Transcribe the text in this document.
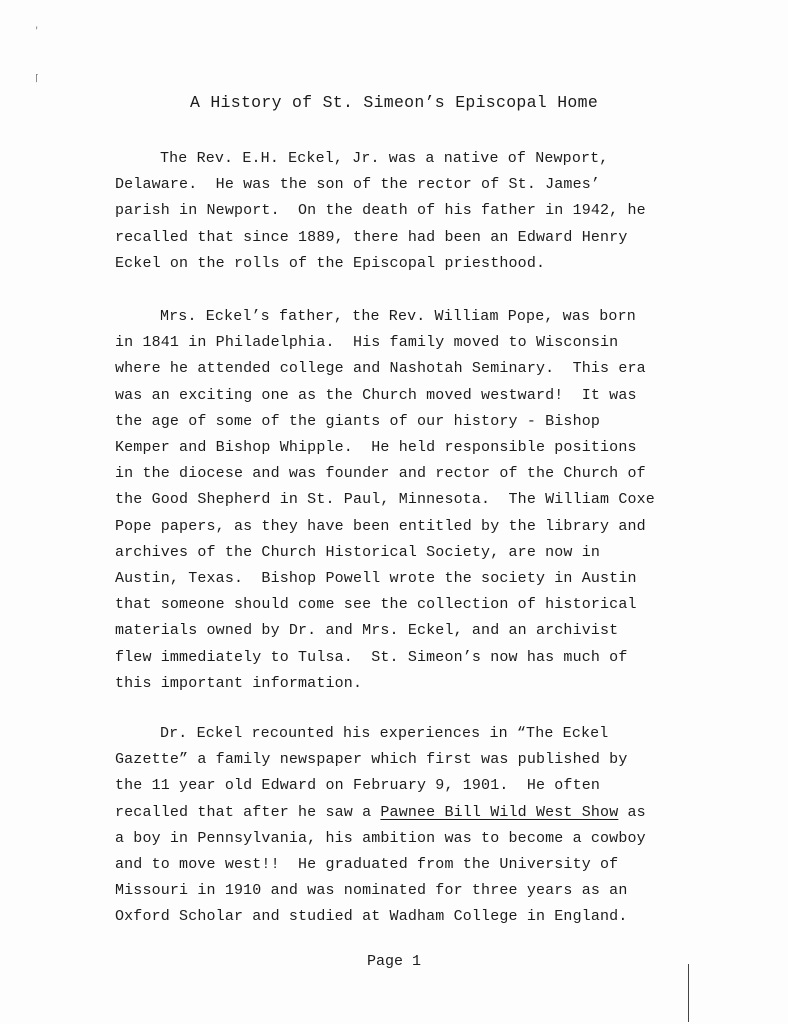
′
⌈
A History of St. Simeon’s Episcopal Home
The Rev. E.H. Eckel, Jr. was a native of Newport,
Delaware.  He was the son of the rector of St. James’
parish in Newport.  On the death of his father in 1942, he
recalled that since 1889, there had been an Edward Henry
Eckel on the rolls of the Episcopal priesthood.
Mrs. Eckel’s father, the Rev. William Pope, was born
in 1841 in Philadelphia.  His family moved to Wisconsin
where he attended college and Nashotah Seminary.  This era
was an exciting one as the Church moved westward!  It was
the age of some of the giants of our history - Bishop
Kemper and Bishop Whipple.  He held responsible positions
in the diocese and was founder and rector of the Church of
the Good Shepherd in St. Paul, Minnesota.  The William Coxe
Pope papers, as they have been entitled by the library and
archives of the Church Historical Society, are now in
Austin, Texas.  Bishop Powell wrote the society in Austin
that someone should come see the collection of historical
materials owned by Dr. and Mrs. Eckel, and an archivist
flew immediately to Tulsa.  St. Simeon’s now has much of
this important information.
Dr. Eckel recounted his experiences in “The Eckel
Gazette” a family newspaper which first was published by
the 11 year old Edward on February 9, 1901.  He often
recalled that after he saw a Pawnee Bill Wild West Show as
a boy in Pennsylvania, his ambition was to become a cowboy
and to move west!!  He graduated from the University of
Missouri in 1910 and was nominated for three years as an
Oxford Scholar and studied at Wadham College in England.
Page 1
